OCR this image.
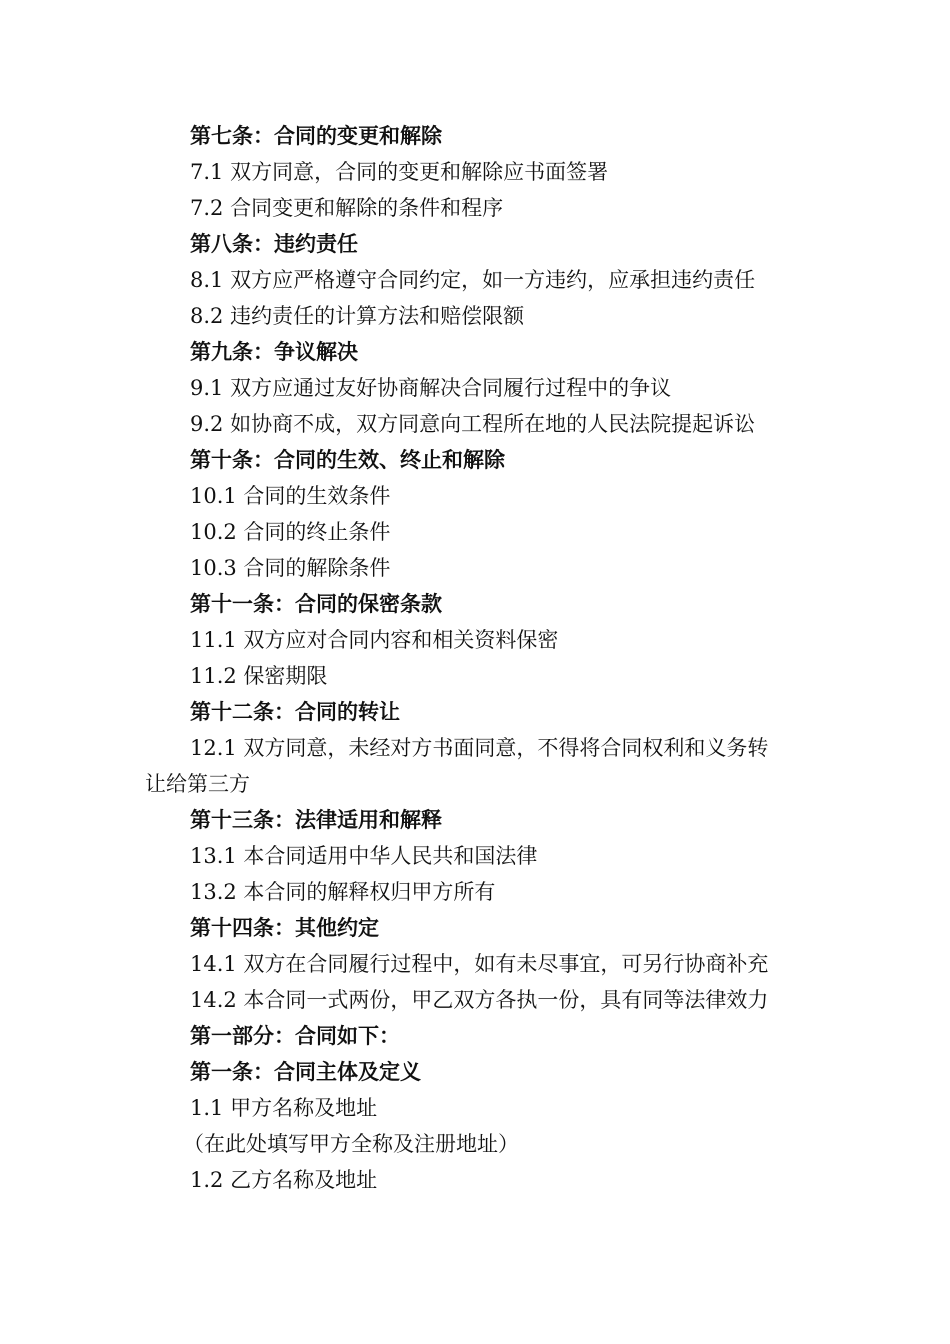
第七条：合同的变更和解除
7.1 双方同意，合同的变更和解除应书面签署
7.2 合同变更和解除的条件和程序
第八条：违约责任
8.1 双方应严格遵守合同约定，如一方违约，应承担违约责任
8.2 违约责任的计算方法和赔偿限额
第九条：争议解决
9.1 双方应通过友好协商解决合同履行过程中的争议
9.2 如协商不成，双方同意向工程所在地的人民法院提起诉讼
第十条：合同的生效、终止和解除
10.1 合同的生效条件
10.2 合同的终止条件
10.3 合同的解除条件
第十一条：合同的保密条款
11.1 双方应对合同内容和相关资料保密
11.2 保密期限
第十二条：合同的转让
12.1 双方同意，未经对方书面同意，不得将合同权利和义务转
让给第三方
第十三条：法律适用和解释
13.1 本合同适用中华人民共和国法律
13.2 本合同的解释权归甲方所有
第十四条：其他约定
14.1 双方在合同履行过程中，如有未尽事宜，可另行协商补充
14.2 本合同一式两份，甲乙双方各执一份，具有同等法律效力
第一部分：合同如下：
第一条：合同主体及定义
1.1 甲方名称及地址
（在此处填写甲方全称及注册地址）
1.2 乙方名称及地址
